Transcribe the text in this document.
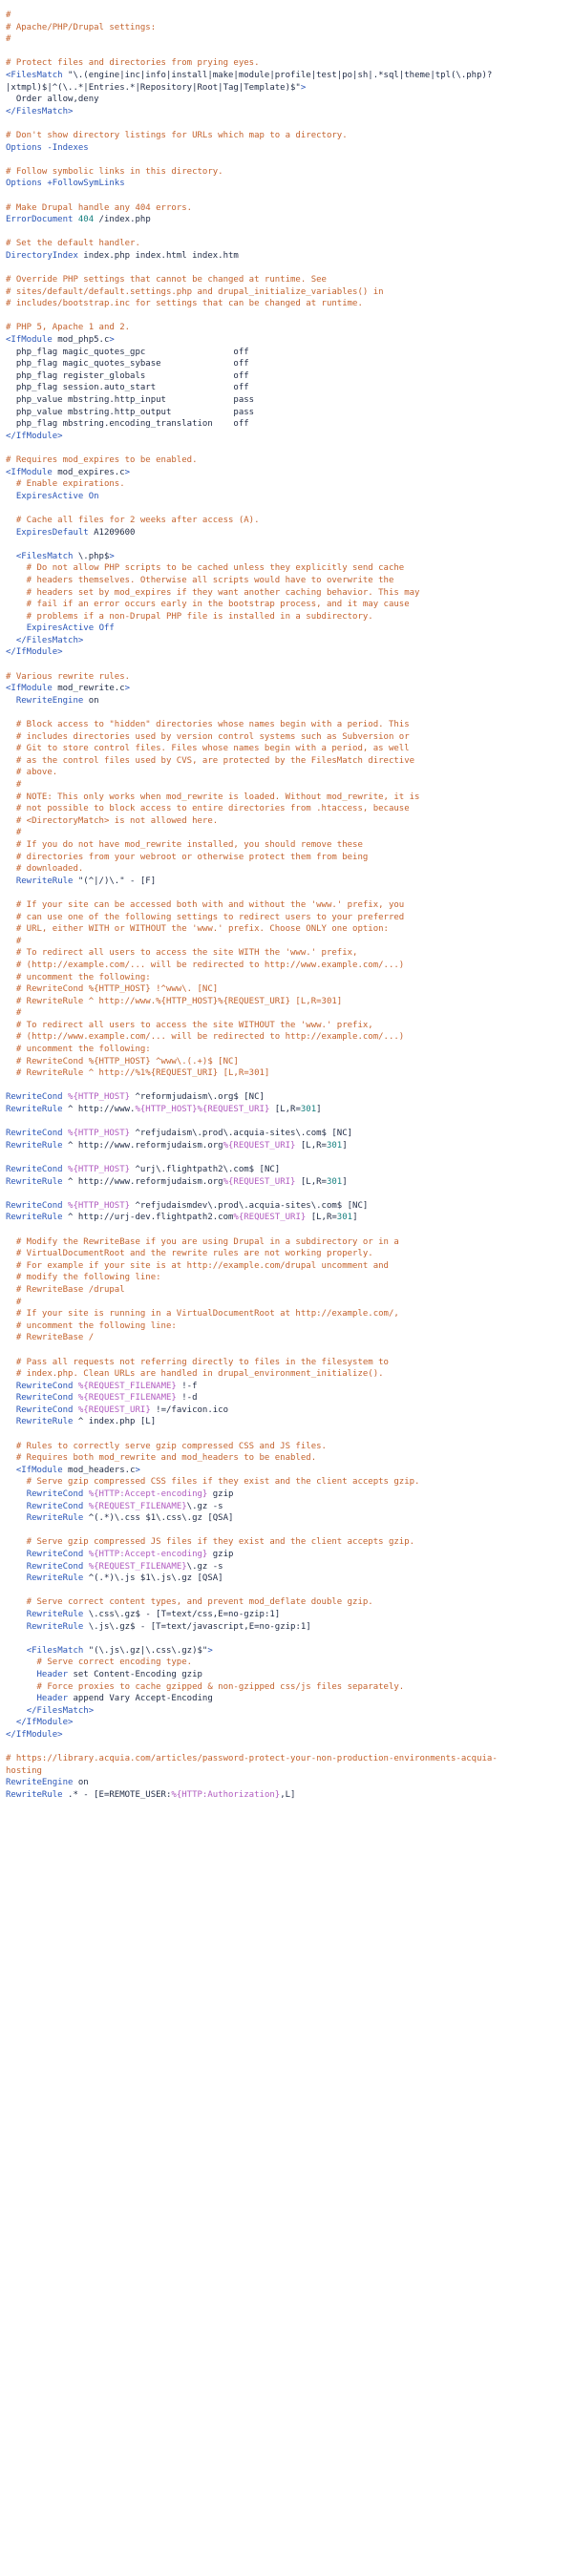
#
# Apache/PHP/Drupal settings:
#

# Protect files and directories from prying eyes.
<FilesMatch "\.(engine|inc|info|install|make|module|profile|test|po|sh|.*sql|theme|tpl(\.php)?
|xtmpl)$|^(\..*|Entries.*|Repository|Root|Tag|Template)$">
Order allow,deny
</FilesMatch>

# Don't show directory listings for URLs which map to a directory.
Options -Indexes

# Follow symbolic links in this directory.
Options +FollowSymLinks

# Make Drupal handle any 404 errors.
ErrorDocument 404 /index.php

# Set the default handler.
DirectoryIndex index.php index.html index.htm

# Override PHP settings that cannot be changed at runtime. See
# sites/default/default.settings.php and drupal_initialize_variables() in
# includes/bootstrap.inc for settings that can be changed at runtime.

# PHP 5, Apache 1 and 2.
<IfModule mod_php5.c>
php_flag magic_quotes_gpc                 off
php_flag magic_quotes_sybase              off
php_flag register_globals                 off
php_flag session.auto_start               off
php_value mbstring.http_input             pass
php_value mbstring.http_output            pass
php_flag mbstring.encoding_translation    off
</IfModule>

# Requires mod_expires to be enabled.
<IfModule mod_expires.c>
# Enable expirations.
ExpiresActive On

# Cache all files for 2 weeks after access (A).
ExpiresDefault A1209600

<FilesMatch \.php$>
# Do not allow PHP scripts to be cached unless they explicitly send cache
# headers themselves. Otherwise all scripts would have to overwrite the
# headers set by mod_expires if they want another caching behavior. This may
# fail if an error occurs early in the bootstrap process, and it may cause
# problems if a non-Drupal PHP file is installed in a subdirectory.
ExpiresActive Off
</FilesMatch>
</IfModule>

# Various rewrite rules.
<IfModule mod_rewrite.c>
RewriteEngine on

# Block access to "hidden" directories whose names begin with a period. This
# includes directories used by version control systems such as Subversion or
# Git to store control files. Files whose names begin with a period, as well
# as the control files used by CVS, are protected by the FilesMatch directive
# above.
#
# NOTE: This only works when mod_rewrite is loaded. Without mod_rewrite, it is
# not possible to block access to entire directories from .htaccess, because
# <DirectoryMatch> is not allowed here.
#
# If you do not have mod_rewrite installed, you should remove these
# directories from your webroot or otherwise protect them from being
# downloaded.
RewriteRule "(^|/)\." - [F]

# If your site can be accessed both with and without the 'www.' prefix, you
# can use one of the following settings to redirect users to your preferred
# URL, either WITH or WITHOUT the 'www.' prefix. Choose ONLY one option:
#
# To redirect all users to access the site WITH the 'www.' prefix,
# (http://example.com/... will be redirected to http://www.example.com/...)
# uncomment the following:
# RewriteCond %{HTTP_HOST} !^www\. [NC]
# RewriteRule ^ http://www.%{HTTP_HOST}%{REQUEST_URI} [L,R=301]
#
# To redirect all users to access the site WITHOUT the 'www.' prefix,
# (http://www.example.com/... will be redirected to http://example.com/...)
# uncomment the following:
# RewriteCond %{HTTP_HOST} ^www\.(.+)$ [NC]
# RewriteRule ^ http://%1%{REQUEST_URI} [L,R=301]

RewriteCond %{HTTP_HOST} ^reformjudaism\.org$ [NC]
RewriteRule ^ http://www.%{HTTP_HOST}%{REQUEST_URI} [L,R=301]

RewriteCond %{HTTP_HOST} ^refjudaism\.prod\.acquia-sites\.com$ [NC]
RewriteRule ^ http://www.reformjudaism.org%{REQUEST_URI} [L,R=301]

RewriteCond %{HTTP_HOST} ^urj\.flightpath2\.com$ [NC]
RewriteRule ^ http://www.reformjudaism.org%{REQUEST_URI} [L,R=301]

RewriteCond %{HTTP_HOST} ^refjudaismdev\.prod\.acquia-sites\.com$ [NC]
RewriteRule ^ http://urj-dev.flightpath2.com%{REQUEST_URI} [L,R=301]

# Modify the RewriteBase if you are using Drupal in a subdirectory or in a
# VirtualDocumentRoot and the rewrite rules are not working properly.
# For example if your site is at http://example.com/drupal uncomment and
# modify the following line:
# RewriteBase /drupal
#
# If your site is running in a VirtualDocumentRoot at http://example.com/,
# uncomment the following line:
# RewriteBase /

# Pass all requests not referring directly to files in the filesystem to
# index.php. Clean URLs are handled in drupal_environment_initialize().
RewriteCond %{REQUEST_FILENAME} !-f
RewriteCond %{REQUEST_FILENAME} !-d
RewriteCond %{REQUEST_URI} !=/favicon.ico
RewriteRule ^ index.php [L]

# Rules to correctly serve gzip compressed CSS and JS files.
# Requires both mod_rewrite and mod_headers to be enabled.
<IfModule mod_headers.c>
# Serve gzip compressed CSS files if they exist and the client accepts gzip.
RewriteCond %{HTTP:Accept-encoding} gzip
RewriteCond %{REQUEST_FILENAME}\.gz -s
RewriteRule ^(.*)\.css $1\.css\.gz [QSA]

# Serve gzip compressed JS files if they exist and the client accepts gzip.
RewriteCond %{HTTP:Accept-encoding} gzip
RewriteCond %{REQUEST_FILENAME}\.gz -s
RewriteRule ^(.*)\.js $1\.js\.gz [QSA]

# Serve correct content types, and prevent mod_deflate double gzip.
RewriteRule \.css\.gz$ - [T=text/css,E=no-gzip:1]
RewriteRule \.js\.gz$ - [T=text/javascript,E=no-gzip:1]

<FilesMatch "(\.js\.gz|\.css\.gz)$">
# Serve correct encoding type.
Header set Content-Encoding gzip
# Force proxies to cache gzipped & non-gzipped css/js files separately.
Header append Vary Accept-Encoding
</FilesMatch>
</IfModule>
</IfModule>

# https://library.acquia.com/articles/password-protect-your-non-production-environments-acquia-
hosting
RewriteEngine on
RewriteRule .* - [E=REMOTE_USER:%{HTTP:Authorization},L]
